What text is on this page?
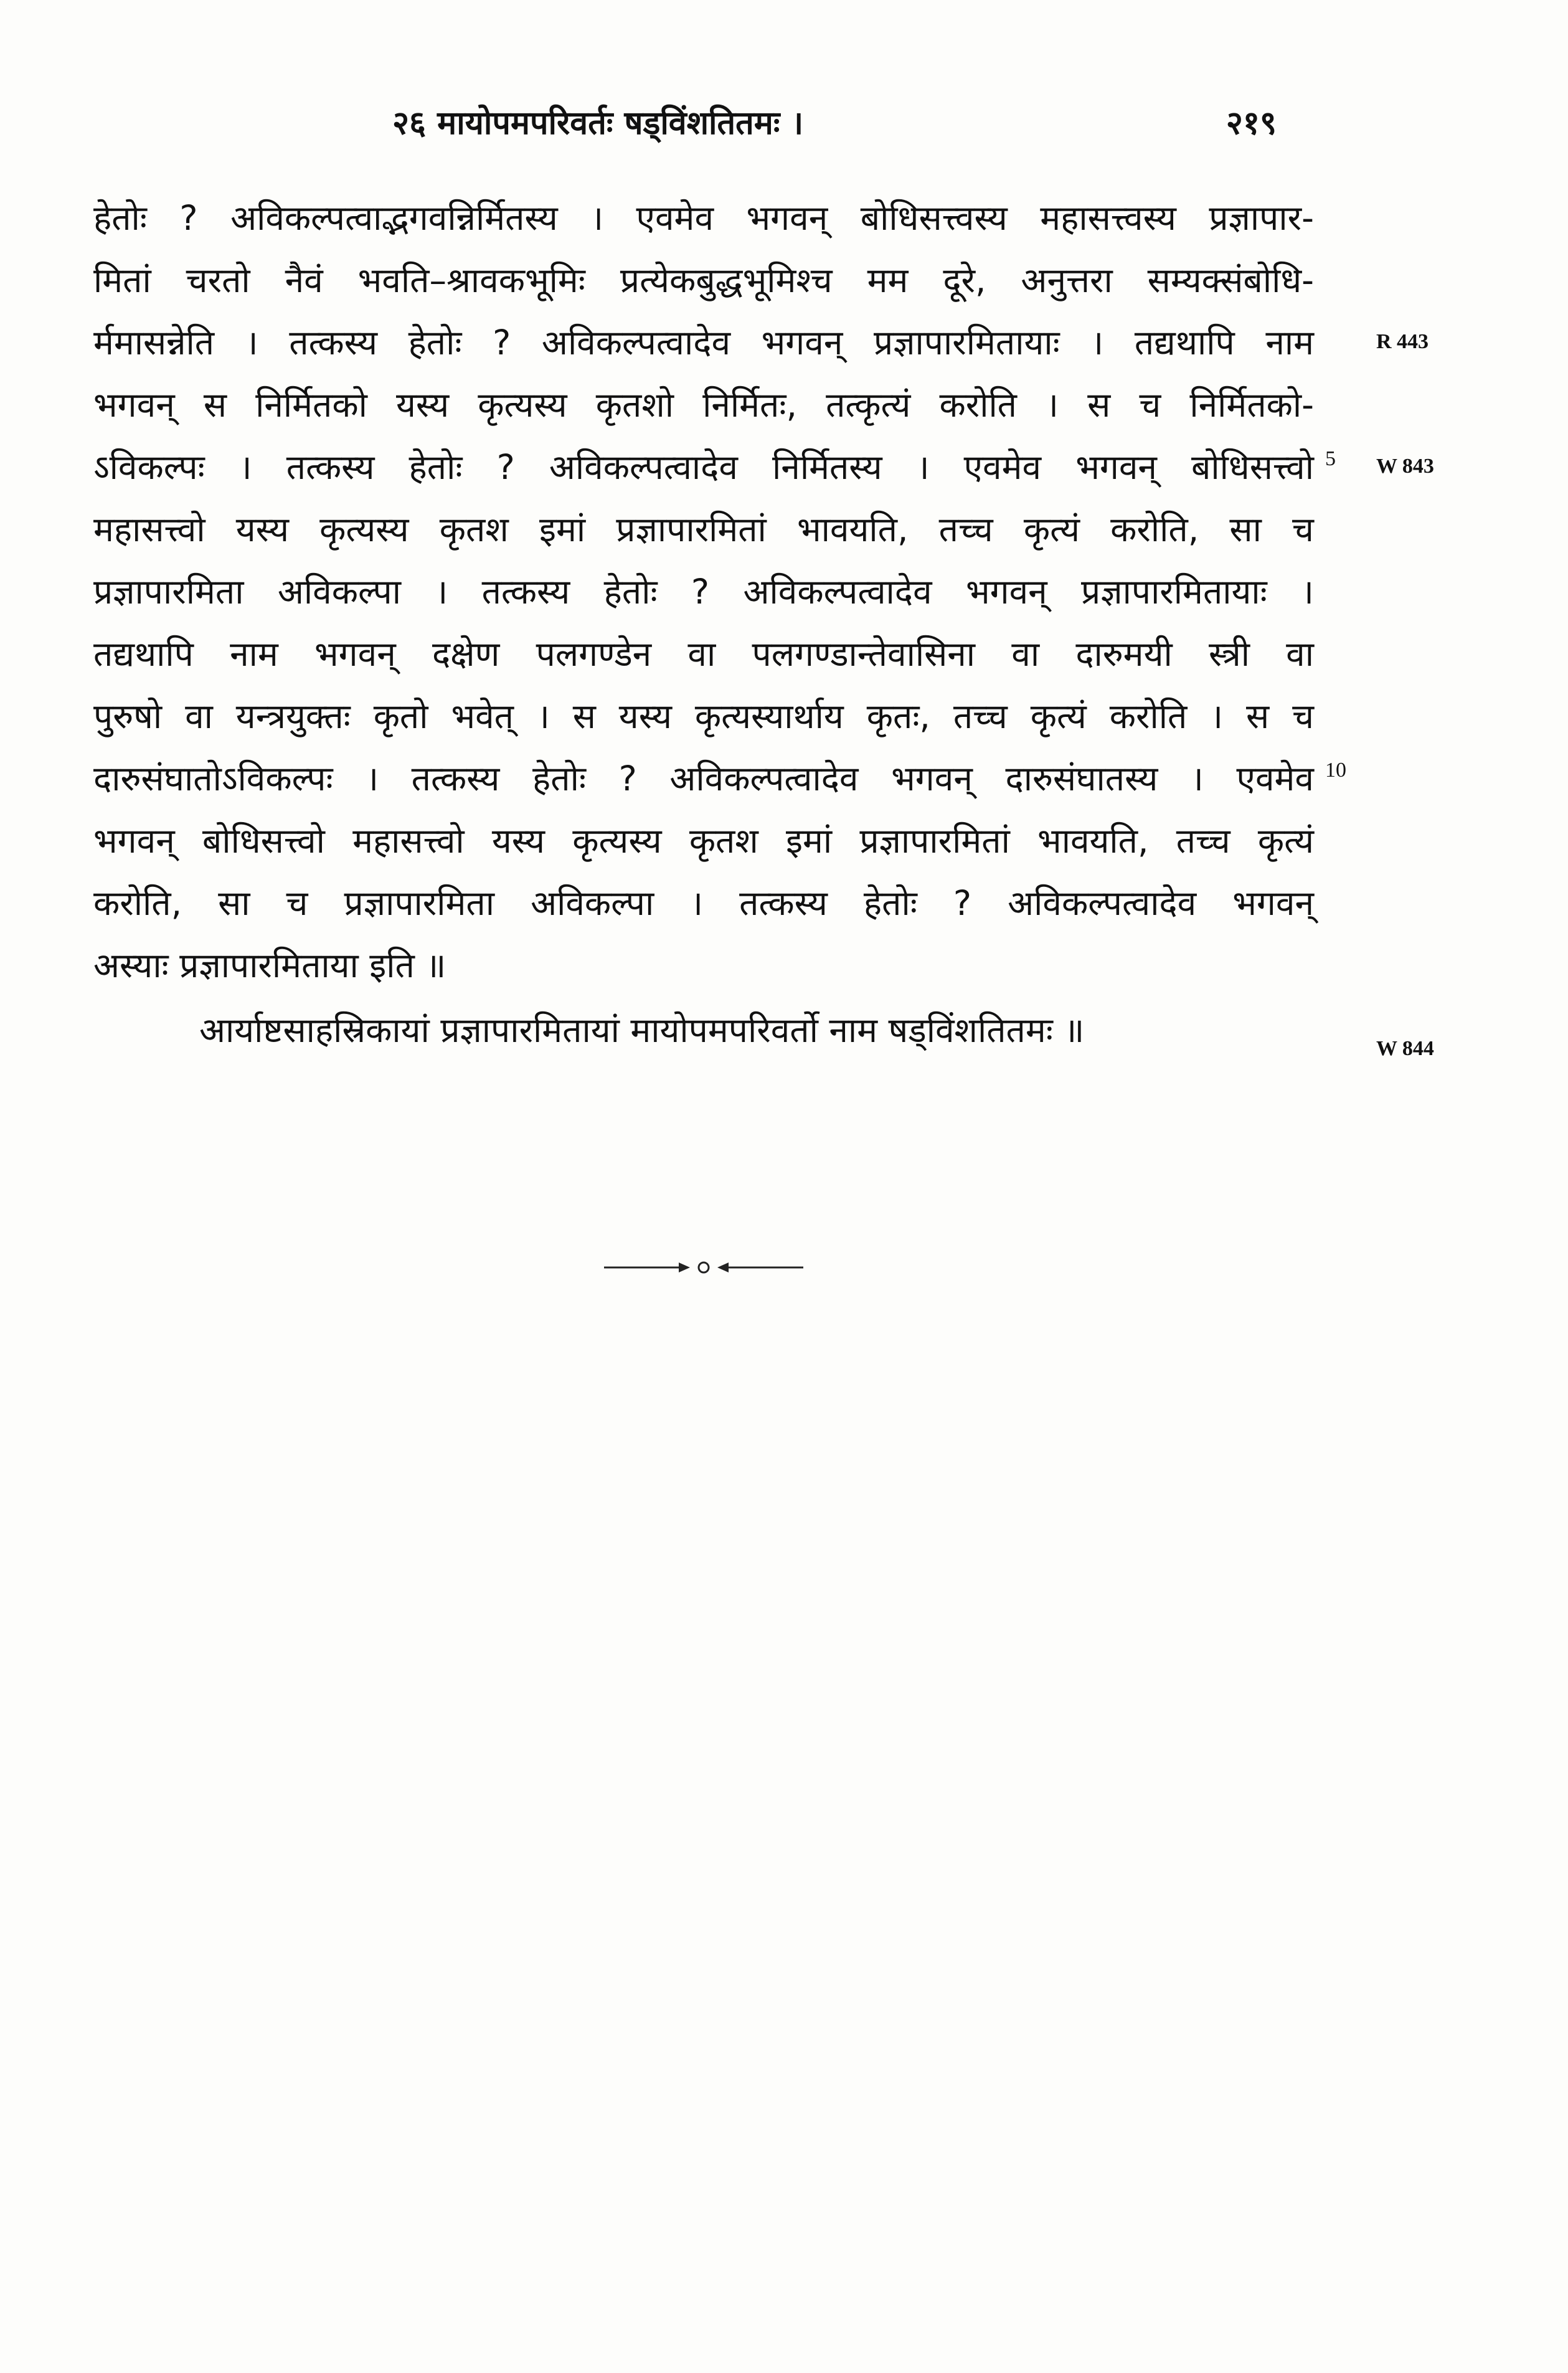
२६ मायोपमपरिवर्तः षड्विंशतितमः ।	२१९
हेतोः ? अविकल्पत्वाद्भगवन्निर्मितस्य । एवमेव भगवन् बोधिसत्त्वस्य महासत्त्वस्य प्रज्ञापार-
मितां चरतो नैवं भवति–श्रावकभूमिः प्रत्येकबुद्धभूमिश्च मम दूरे, अनुत्तरा सम्यक्संबोधि-
र्ममासन्नेति । तत्कस्य हेतोः ? अविकल्पत्वादेव भगवन् प्रज्ञापारमितायाः । तद्यथापि नाम
भगवन् स निर्मितको यस्य कृत्यस्य कृतशो निर्मितः, तत्कृत्यं करोति । स च निर्मितको-
ऽविकल्पः । तत्कस्य हेतोः ? अविकल्पत्वादेव निर्मितस्य । एवमेव भगवन् बोधिसत्त्वो
महासत्त्वो यस्य कृत्यस्य कृतश इमां प्रज्ञापारमितां भावयति, तच्च कृत्यं करोति, सा च
प्रज्ञापारमिता अविकल्पा । तत्कस्य हेतोः ? अविकल्पत्वादेव भगवन् प्रज्ञापारमितायाः ।
तद्यथापि नाम भगवन् दक्षेण पलगण्डेन वा पलगण्डान्तेवासिना वा दारुमयी स्त्री वा
पुरुषो वा यन्त्रयुक्तः कृतो भवेत् । स यस्य कृत्यस्यार्थाय कृतः, तच्च कृत्यं करोति । स च
दारुसंघातोऽविकल्पः । तत्कस्य हेतोः ? अविकल्पत्वादेव भगवन् दारुसंघातस्य । एवमेव
भगवन् बोधिसत्त्वो महासत्त्वो यस्य कृत्यस्य कृतश इमां प्रज्ञापारमितां भावयति, तच्च कृत्यं
करोति, सा च प्रज्ञापारमिता अविकल्पा । तत्कस्य हेतोः ? अविकल्पत्वादेव भगवन्
अस्याः प्रज्ञापारमिताया इति ॥
आर्याष्टसाहस्रिकायां प्रज्ञापारमितायां मायोपमपरिवर्तो नाम षड्विंशतितमः ॥
R 443
W 843
W 844
5
10
